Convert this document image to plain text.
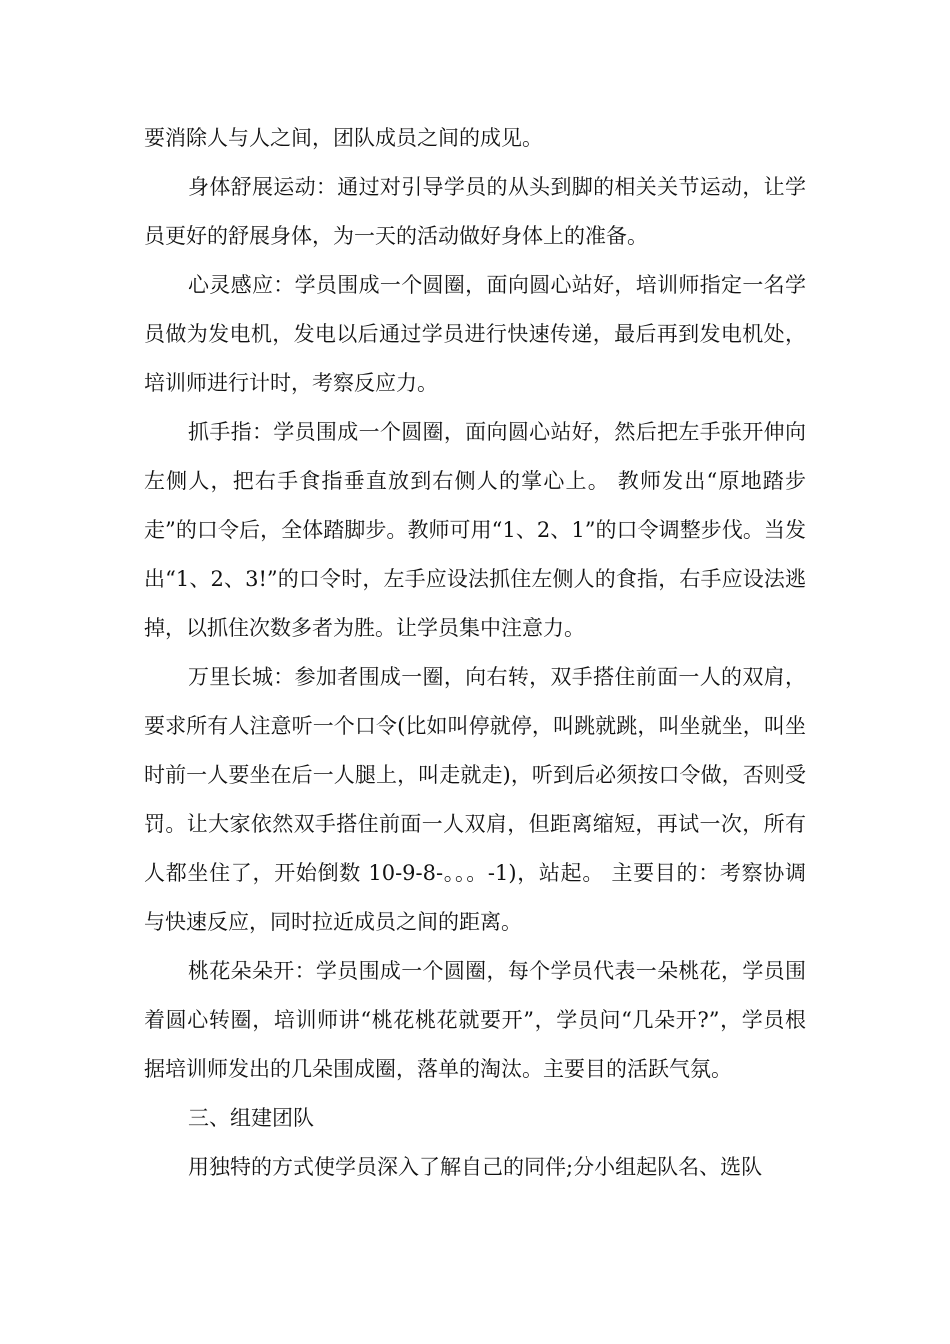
要消除人与人之间，团队成员之间的成见。

身体舒展运动：通过对引导学员的从头到脚的相关关节运动，让学员更好的舒展身体，为一天的活动做好身体上的准备。

心灵感应：学员围成一个圆圈，面向圆心站好，培训师指定一名学员做为发电机，发电以后通过学员进行快速传递，最后再到发电机处，培训师进行计时，考察反应力。

抓手指：学员围成一个圆圈，面向圆心站好，然后把左手张开伸向左侧人，把右手食指垂直放到右侧人的掌心上。 教师发出“原地踏步走”的口令后，全体踏脚步。教师可用“1、2、1”的口令调整步伐。当发出“1、2、3!”的口令时，左手应设法抓住左侧人的食指，右手应设法逃掉，以抓住次数多者为胜。让学员集中注意力。

万里长城：参加者围成一圈，向右转，双手搭住前面一人的双肩，要求所有人注意听一个口令(比如叫停就停，叫跳就跳，叫坐就坐，叫坐时前一人要坐在后一人腿上，叫走就走)，听到后必须按口令做，否则受罚。让大家依然双手搭住前面一人双肩，但距离缩短，再试一次，所有人都坐住了，开始倒数 10-9-8-。。。-1)，站起。 主要目的：考察协调与快速反应，同时拉近成员之间的距离。

桃花朵朵开：学员围成一个圆圈，每个学员代表一朵桃花，学员围着圆心转圈，培训师讲“桃花桃花就要开”，学员问“几朵开?”，学员根据培训师发出的几朵围成圈，落单的淘汰。主要目的活跃气氛。

三、组建团队

用独特的方式使学员深入了解自己的同伴;分小组起队名、选队
